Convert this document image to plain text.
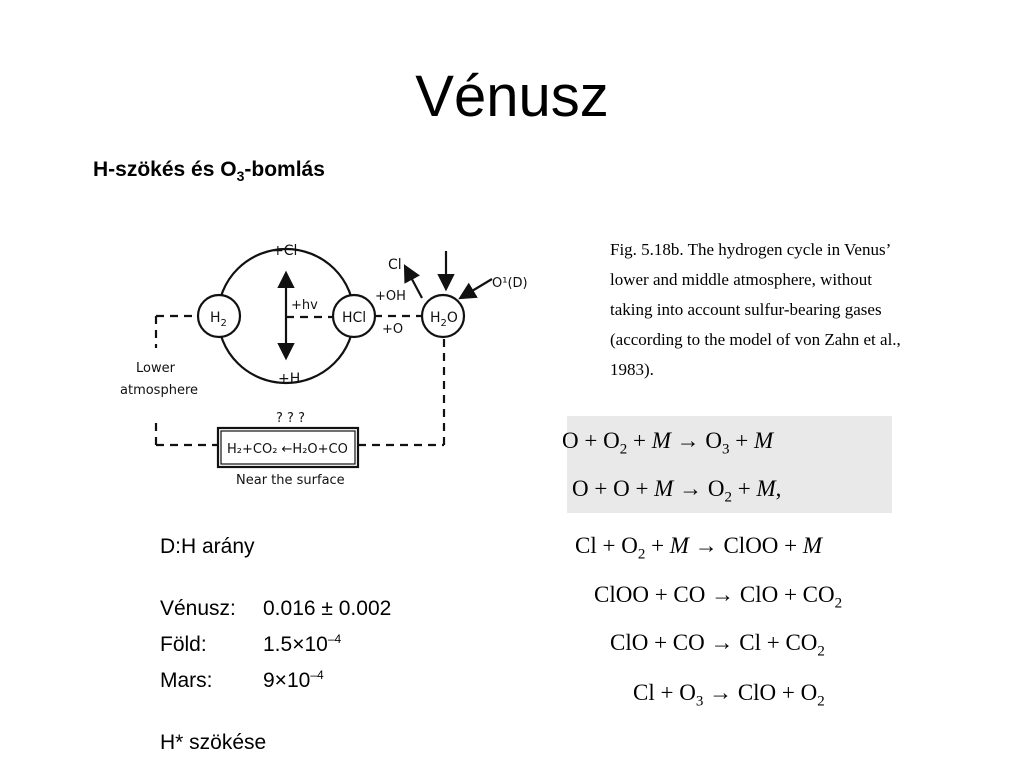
Vénusz
H-szökés és $O_3$-bomlás
$H_2$	HCl	$H_2O$
+Cl
+hv
+H
Cl
+OH
+O
O¹(D)
Lower
atmosphere
? ? ?
H₂+CO₂ ←H₂O+CO
Near the surface
Fig. 5.18b. The hydrogen cycle in Venus’
lower and middle atmosphere, without
taking into account sulfur-bearing gases
(according to the model of von Zahn et al.,
1983).
$O + O_2 + M \to O_3 + M$
$O + O + M \to O_2 + M$,
$Cl + O_2 + M$ → ClOO + M
ClOO + CO → ClO + $CO_2$
ClO + CO → $Cl + CO_2$
$Cl + O_3$ → ClO + $O_2$
D:H arány

Vénusz: 0.016 ± 0.002
Föld:	$1.5\times 10^{-4}$
Mars: $9\times 10^{-4}$

H* szökése
